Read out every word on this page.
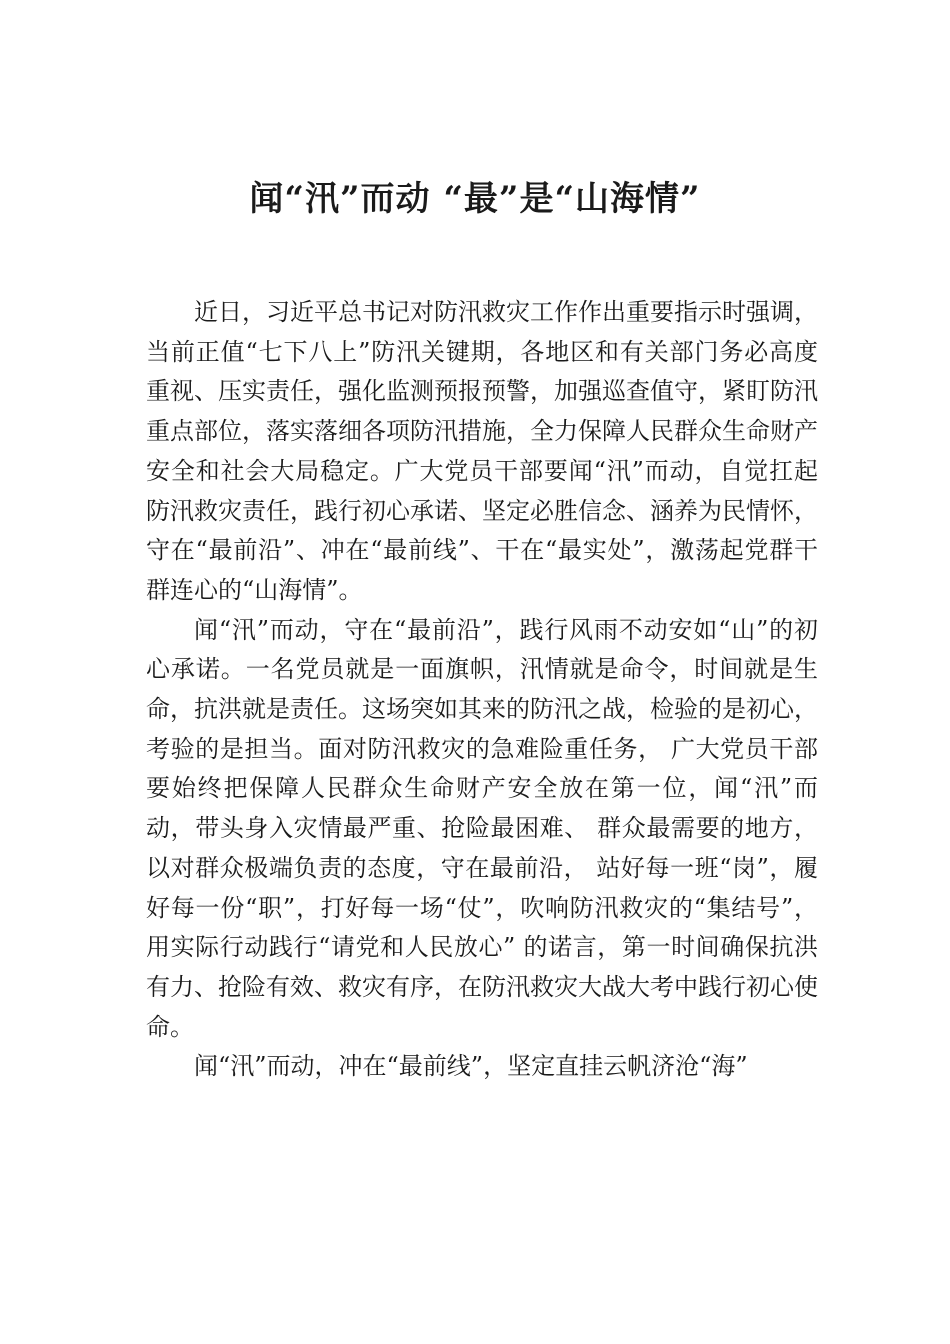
闻“汛”而动 “最”是“山海情”

近日，习近平总书记对防汛救灾工作作出重要指示时强调，当前正值“七下八上”防汛关键期，各地区和有关部门务必高度重视、压实责任，强化监测预报预警，加强巡查值守，紧盯防汛重点部位，落实落细各项防汛措施，全力保障人民群众生命财产安全和社会大局稳定。广大党员干部要闻“汛”而动，自觉扛起防汛救灾责任，践行初心承诺、坚定必胜信念、涵养为民情怀，守在“最前沿”、冲在“最前线”、干在“最实处”，激荡起党群干群连心的“山海情”。

闻“汛”而动，守在“最前沿”，践行风雨不动安如“山”的初心承诺。一名党员就是一面旗帜，汛情就是命令，时间就是生命，抗洪就是责任。这场突如其来的防汛之战，检验的是初心，考验的是担当。面对防汛救灾的急难险重任务， 广大党员干部要始终把保障人民群众生命财产安全放在第一位，闻“汛”而动，带头身入灾情最严重、抢险最困难、 群众最需要的地方，以对群众极端负责的态度，守在最前沿， 站好每一班“岗”，履好每一份“职”，打好每一场“仗”，吹响防汛救灾的“集结号”，用实际行动践行“请党和人民放心” 的诺言，第一时间确保抗洪有力、抢险有效、救灾有序，在防汛救灾大战大考中践行初心使命。

闻“汛”而动，冲在“最前线”，坚定直挂云帆济沧“海”
